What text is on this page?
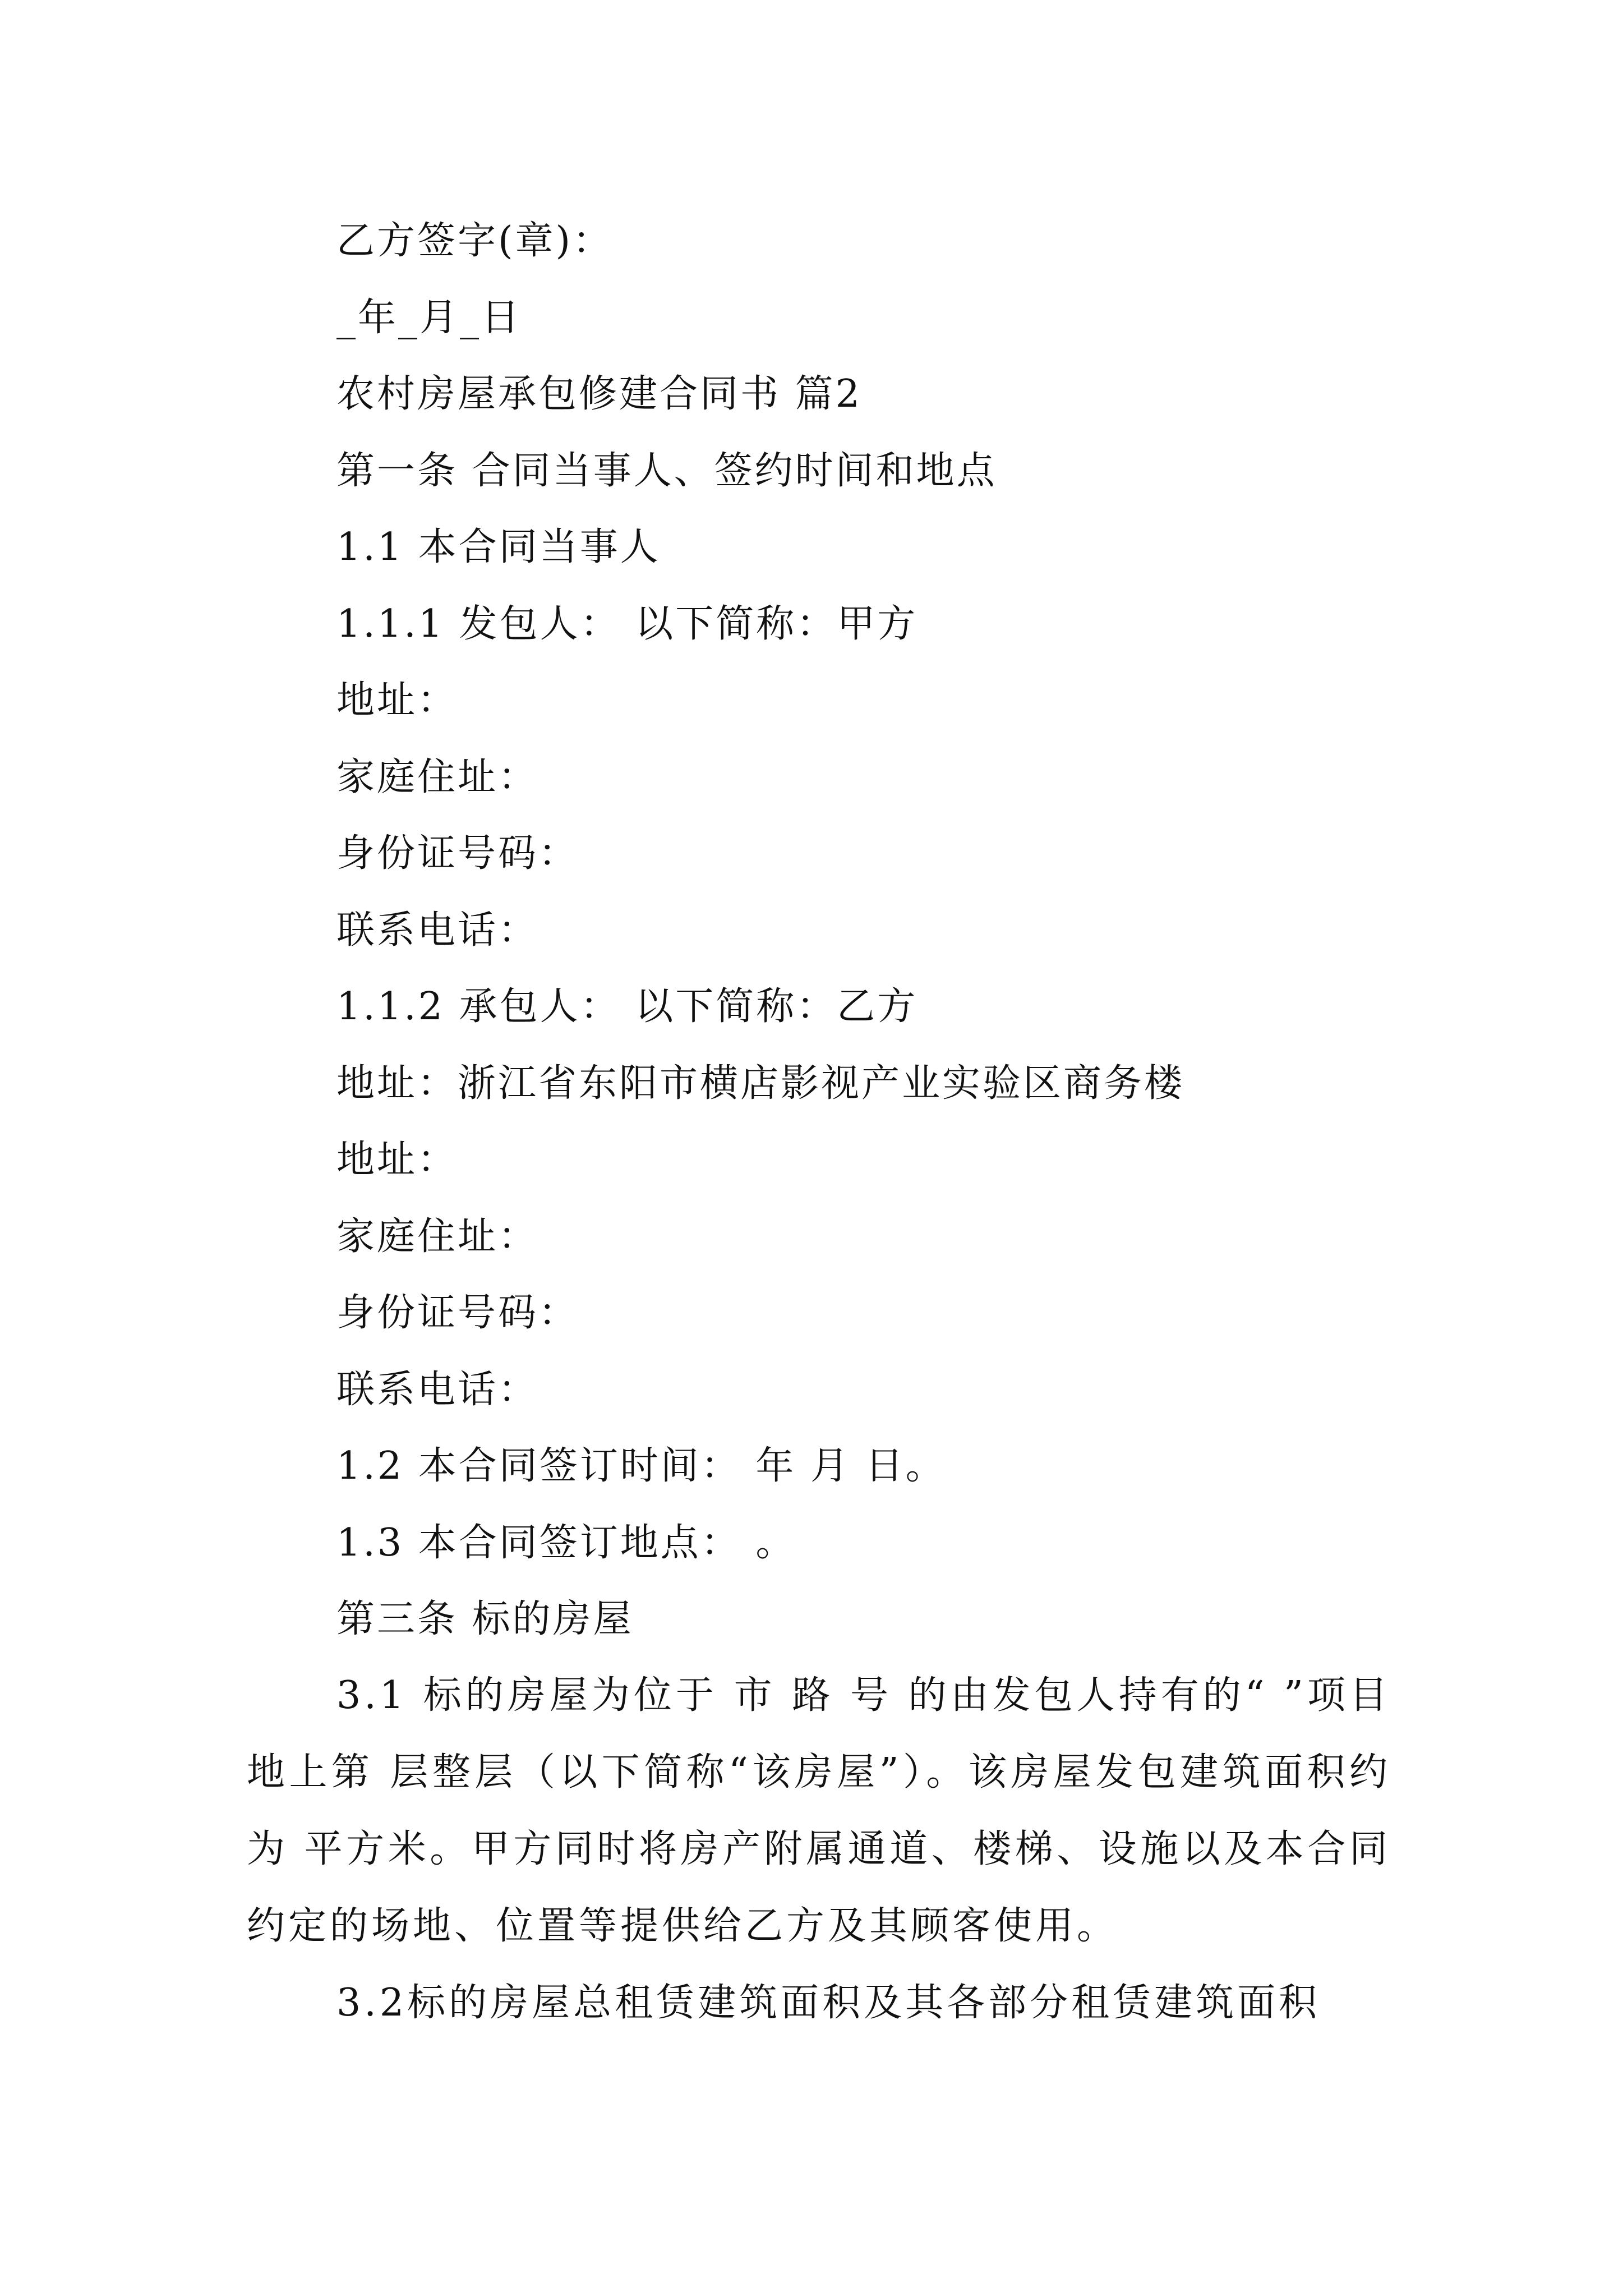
乙方签字(章)：
_年_月_日
农村房屋承包修建合同书 篇2
第一条 合同当事人、签约时间和地点
1.1 本合同当事人
1.1.1 发包人： 以下简称：甲方
地址：
家庭住址：
身份证号码：
联系电话：
1.1.2 承包人： 以下简称：乙方
地址：浙江省东阳市横店影视产业实验区商务楼
地址：
家庭住址：
身份证号码：
联系电话：
1.2 本合同签订时间： 年 月 日。
1.3 本合同签订地点： 。
第三条 标的房屋
3.1 标的房屋为位于 市 路 号 的由发包人持有的“ ”项目地上第 层整层（以下简称“该房屋”）。该房屋发包建筑面积约为 平方米。甲方同时将房产附属通道、楼梯、设施以及本合同约定的场地、位置等提供给乙方及其顾客使用。
3.2标的房屋总租赁建筑面积及其各部分租赁建筑面积
